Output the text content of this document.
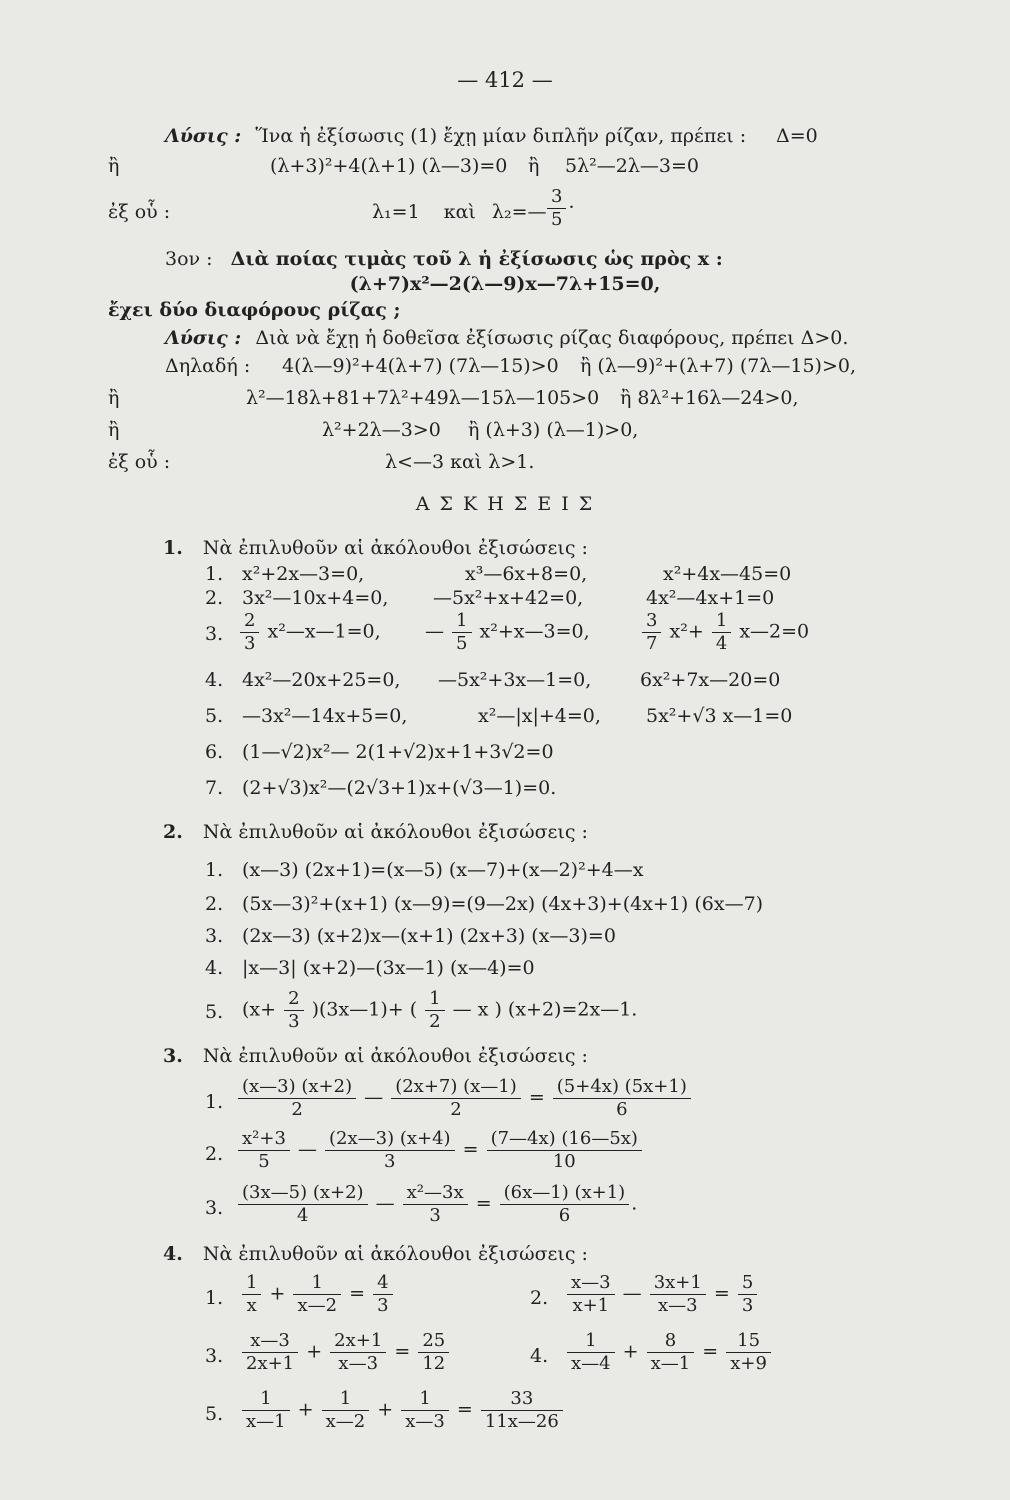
— 412 —
Λύσις : Ἵνα ἡ ἐξίσωσις (1) ἔχῃ μίαν διπλῆν ρίζαν, πρέπει : Δ=0
ἢ	(λ+3)²+4(λ+1) (λ—3)=0 ἢ 5λ²—2λ—3=0
ἐξ οὗ :	λ₁=1 καὶ λ₂=— $\frac{3}{5}$ ·
3ον : Διὰ ποίας τιμὰς τοῦ λ ἡ ἐξίσωσις ὡς πρὸς x :
(λ+7)x²—2(λ—9)x—7λ+15=0,
ἔχει δύο διαφόρους ρίζας ;
Λύσις : Διὰ νὰ ἔχῃ ἡ δοθεῖσα ἐξίσωσις ρίζας διαφόρους, πρέπει Δ>0.
Δηλαδή : 4(λ—9)²+4(λ+7) (7λ—15)>0 ἢ (λ—9)²+(λ+7) (7λ—15)>0,
ἢ	λ²—18λ+81+7λ²+49λ—15λ—105>0 ἢ 8λ²+16λ—24>0,
ἢ	λ²+2λ—3>0 ἢ (λ+3) (λ—1)>0,
ἐξ οὗ :	λ<—3 καὶ λ>1.
Α Σ Κ Η Σ Ε Ι Σ
1. Νὰ ἐπιλυθοῦν αἱ ἀκόλουθοι ἐξισώσεις :
1. x²+2x—3=0,	x³—6x+8=0,	x²+4x—45=0
2. 3x²—10x+4=0, —5x²+x+42=0,	4x²—4x+1=0
3. $\frac{2}{3}$ x²—x—1=0, — $\frac{1}{5}$ x²+x—3=0,	$\frac{3}{7} x^2+ \frac{1}{4}$ x—2=0
4. 4x²—20x+25=0, —5x²+3x—1=0,	6x²+7x—20=0
5. —3x²—14x+5=0,	x²—|x|+4=0, 5x²+√3 x—1=0
6. (1—√2)x²— 2(1+√2)x+1+3√2=0
7. (2+√3)x²—(2√3+1)x+(√3—1)=0.
2. Νὰ ἐπιλυθοῦν αἱ ἀκόλουθοι ἐξισώσεις :
1. (x—3) (2x+1)=(x—5) (x—7)+(x—2)²+4—x
2. (5x—3)²+(x+1) (x—9)=(9—2x) (4x+3)+(4x+1) (6x—7)
3. (2x—3) (x+2)x—(x+1) (2x+3) (x—3)=0
4. |x—3| (x+2)—(3x—1) (x—4)=0
5. ($x+ \frac{2}{3}$ )(3x—1)+ ( $\frac{1}{2}$ — x ) (x+2)=2x—1.
3. Νὰ ἐπιλυθοῦν αἱ ἀκόλουθοι ἐξισώσεις :
1. $\frac{(x—3) (x+2)}{2}$ — $\frac{(2x+7) (x—1)}{2} = \frac{(5+4x) (5x+1)}{6}$
2. $\frac{\text{x²+3}}{5}$ — $\frac{(2x—3) (x+4)}{3} = \frac{(7—4x) (16—5x)}{10}$
3. $\frac{(3x—5) (x+2)}{4}$ — $\frac{\text{x²—3x}}{3} = \frac{(6x—1) (x+1)}{6}$ .
4. Νὰ ἐπιλυθοῦν αἱ ἀκόλουθοι ἐξισώσεις :
1. $\frac{1}{x} + \frac{1}{x—2} = \frac{4}{3}$	2. $\frac{x—3}{x+1}$ — $\frac{3x+1}{x—3} = \frac{5}{3}$
3. $\frac{x—3}{2x+1} + \frac{2x+1}{x—3} = \frac{25}{12}$	4. $\frac{1}{x—4} + \frac{8}{x—1} = \frac{15}{x+9}$
5. $\frac{1}{x—1} + \frac{1}{x—2} + \frac{1}{x—3} = \frac{33}{11x—26}$
